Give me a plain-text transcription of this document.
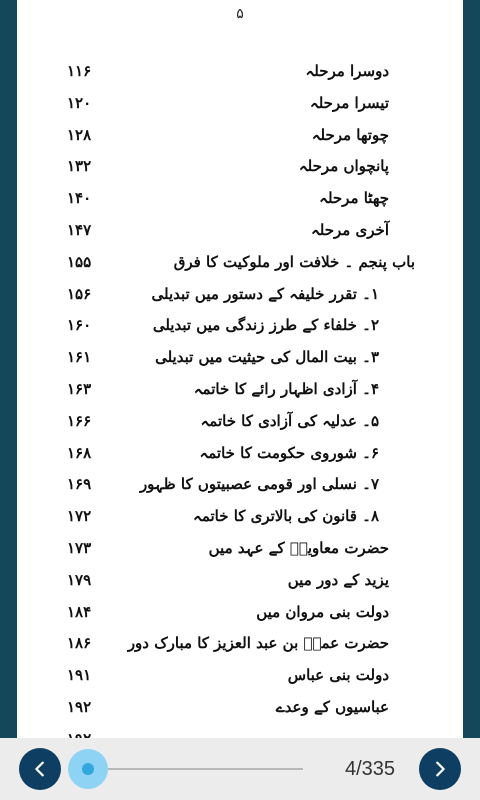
۵
دوسرا مرحلہ
۱۱۶
تیسرا مرحلہ
۱۲۰
چوتھا مرحلہ
۱۲۸
پانچواں مرحلہ
۱۳۲
چھٹا مرحلہ
۱۴۰
آخری مرحلہ
۱۴۷
باب پنجم ۔ خلافت اور ملوکیت کا فرق
۱۵۵
۱۔ تقرر خلیفہ کے دستور میں تبدیلی
۱۵۶
۲۔ خلفاء کے طرز زندگی میں تبدیلی
۱۶۰
۳۔ بیت المال کی حیثیت میں تبدیلی
۱۶۱
۴۔ آزادی اظہار رائے کا خاتمہ
۱۶۳
۵۔ عدلیہ کی آزادی کا خاتمہ
۱۶۶
۶۔ شوروی حکومت کا خاتمہ
۱۶۸
۷۔ نسلی اور قومی عصبیتوں کا ظہور
۱۶۹
۸۔ قانون کی بالاتری کا خاتمہ
۱۷۲
حضرت معاویہؓ کے عہد میں
۱۷۳
یزید کے دور میں
۱۷۹
دولت بنی مروان میں
۱۸۴
حضرت عمرؓ بن عبد العزیز کا مبارک دور
۱۸۶
دولت بنی عباس
۱۹۱
عباسیوں کے وعدے
۱۹۲
4/335
